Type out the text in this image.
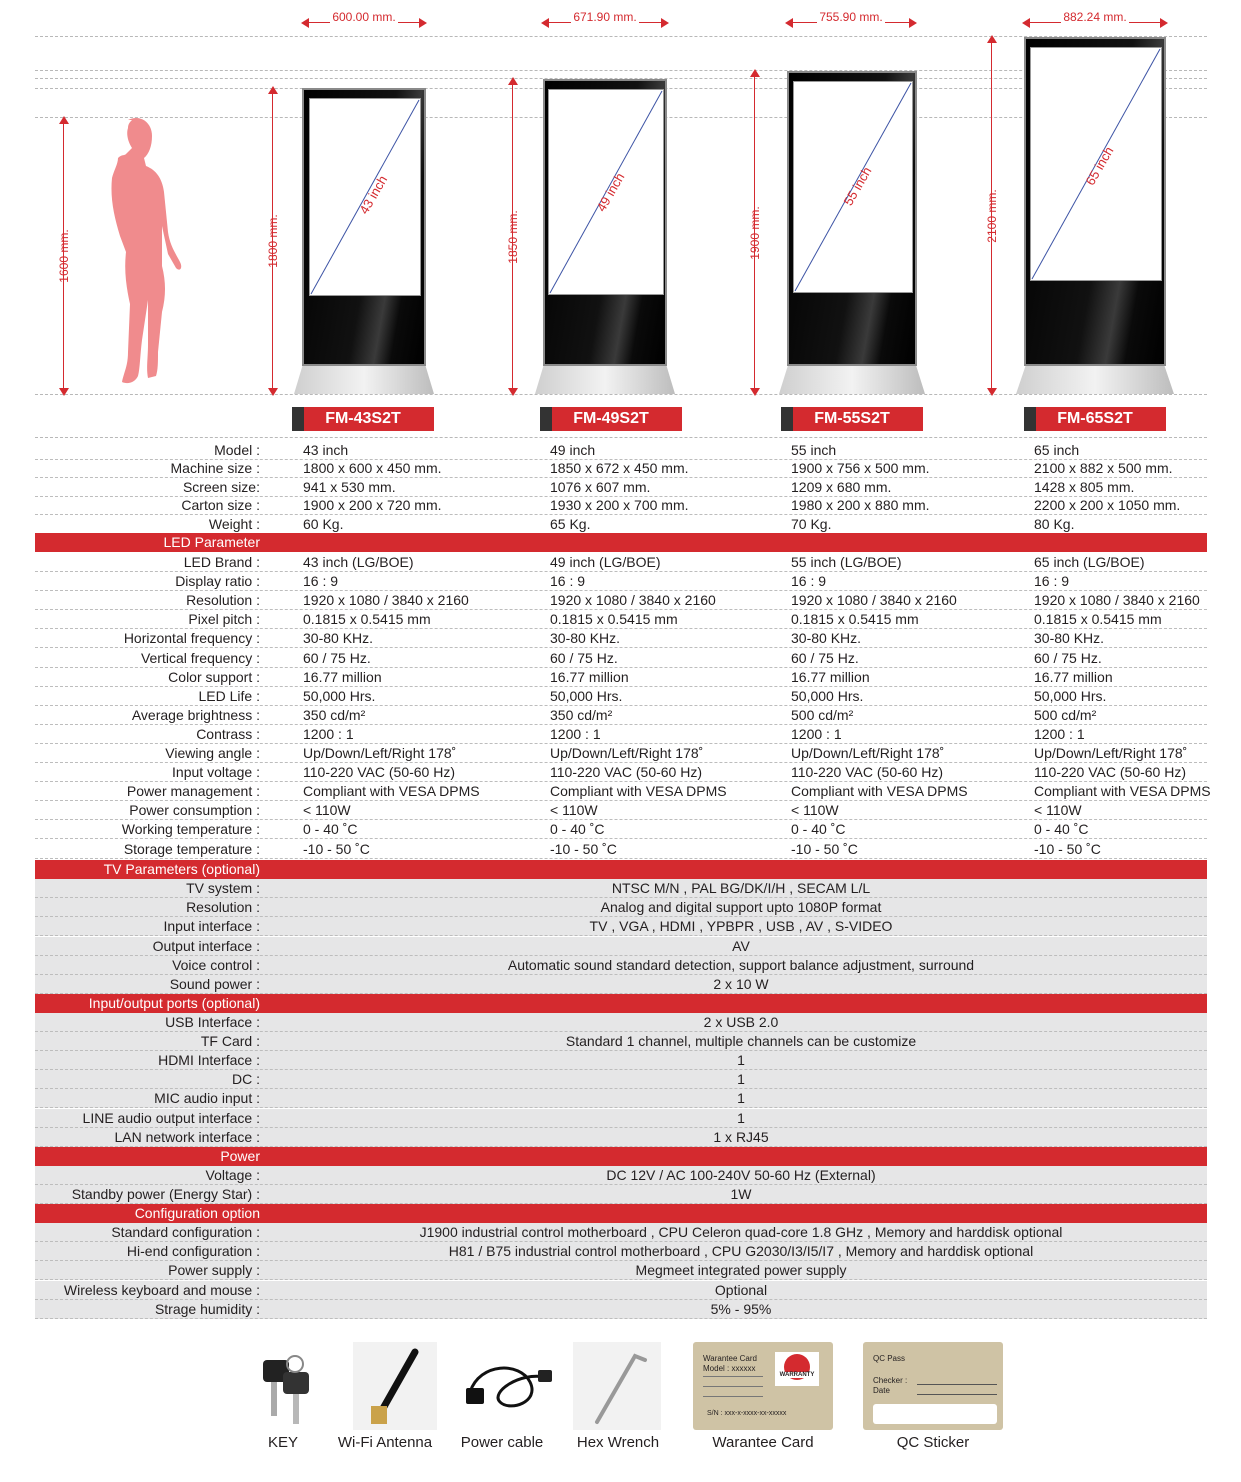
600.00 mm.	671.90 mm.	755.90 mm.	882.24 mm.
1600 mm.	1800 mm.
43 inch
1850 mm.
49 inch
1900 mm.
55 inch
2100 mm.
65 inch
FM-43S2T	FM-49S2T	FM-55S2T	FM-65S2T
Model :	43 inch	49 inch	55 inch	65 inch
Machine size :	1800 x 600 x 450 mm.	1850 x 672 x 450 mm.	1900 x 756 x 500 mm.	2100 x 882 x 500 mm.
Screen size:	941 x 530 mm.	1076 x 607 mm.	1209 x 680 mm.	1428 x 805 mm.
Carton size :	1900 x 200 x 720 mm.	1930 x 200 x 700 mm.	1980 x 200 x 880 mm.	2200 x 200 x 1050 mm.
Weight :	60 Kg.	65 Kg.	70 Kg.	80 Kg.
LED Parameter
LED Brand :	43 inch (LG/BOE)	49 inch (LG/BOE)	55 inch (LG/BOE)	65 inch (LG/BOE)
Display ratio :	16 : 9	16 : 9	16 : 9	16 : 9
Resolution :	1920 x 1080 / 3840 x 2160	1920 x 1080 / 3840 x 2160	1920 x 1080 / 3840 x 2160	1920 x 1080 / 3840 x 2160
Pixel pitch :	0.1815 x 0.5415 mm	0.1815 x 0.5415 mm	0.1815 x 0.5415 mm	0.1815 x 0.5415 mm
Horizontal frequency :	30-80 KHz.	30-80 KHz.	30-80 KHz.	30-80 KHz.
Vertical frequency :	60 / 75 Hz.	60 / 75 Hz.	60 / 75 Hz.	60 / 75 Hz.
Color support :	16.77 million	16.77 million	16.77 million	16.77 million
LED Life :	50,000 Hrs.	50,000 Hrs.	50,000 Hrs.	50,000 Hrs.
Average brightness :	350 cd/m²	350 cd/m²	500 cd/m²	500 cd/m²
Contrass :	1200 : 1	1200 : 1	1200 : 1	1200 : 1
Viewing angle :	Up/Down/Left/Right 178˚	Up/Down/Left/Right 178˚	Up/Down/Left/Right 178˚	Up/Down/Left/Right 178˚
Input voltage :	110-220 VAC (50-60 Hz)	110-220 VAC (50-60 Hz)	110-220 VAC (50-60 Hz)	110-220 VAC (50-60 Hz)
Power management :	Compliant with VESA DPMS	Compliant with VESA DPMS	Compliant with VESA DPMS	Compliant with VESA DPMS
Power consumption :	< 110W	< 110W	< 110W	< 110W
Working temperature :	0 - 40 ˚C	0 - 40 ˚C	0 - 40 ˚C	0 - 40 ˚C
Storage temperature :	-10 - 50 ˚C	-10 - 50 ˚C	-10 - 50 ˚C	-10 - 50 ˚C
TV Parameters (optional)
TV system :	NTSC M/N , PAL BG/DK/I/H , SECAM L/L
Resolution :	Analog and digital support upto 1080P format
Input interface :	TV , VGA , HDMI , YPBPR , USB , AV , S-VIDEO
Output interface :	AV
Voice control :	Automatic sound standard detection, support balance adjustment, surround
Sound power :	2 x 10 W
Input/output ports (optional)
USB Interface :	2 x USB 2.0
TF Card :	Standard 1 channel, multiple channels can be customize
HDMI Interface :	1
DC :	1
MIC audio input :	1
LINE audio output interface :	1
LAN network interface :	1 x RJ45
Power
Voltage :	DC 12V / AC 100-240V 50-60 Hz (External)
Standby power (Energy Star) :	1W
Configuration option
Standard configuration :	J1900 industrial control motherboard , CPU Celeron quad-core 1.8 GHz , Memory and harddisk optional
Hi-end configuration :	H81 / B75 industrial control motherboard , CPU G2030/I3/I5/I7 , Memory and harddisk optional
Power supply :	Megmeet integrated power supply
Wireless keyboard and mouse :	Optional
Strage humidity :	5% - 95%
Warantee Card
Model : xxxxxx
WARRANTY
S/N : xxx-x-xxxx-xx-xxxxx
QC Pass
Checker :
Date
KEY	Wi-Fi Antenna	Power cable	Hex Wrench	Warantee Card	QC Sticker
